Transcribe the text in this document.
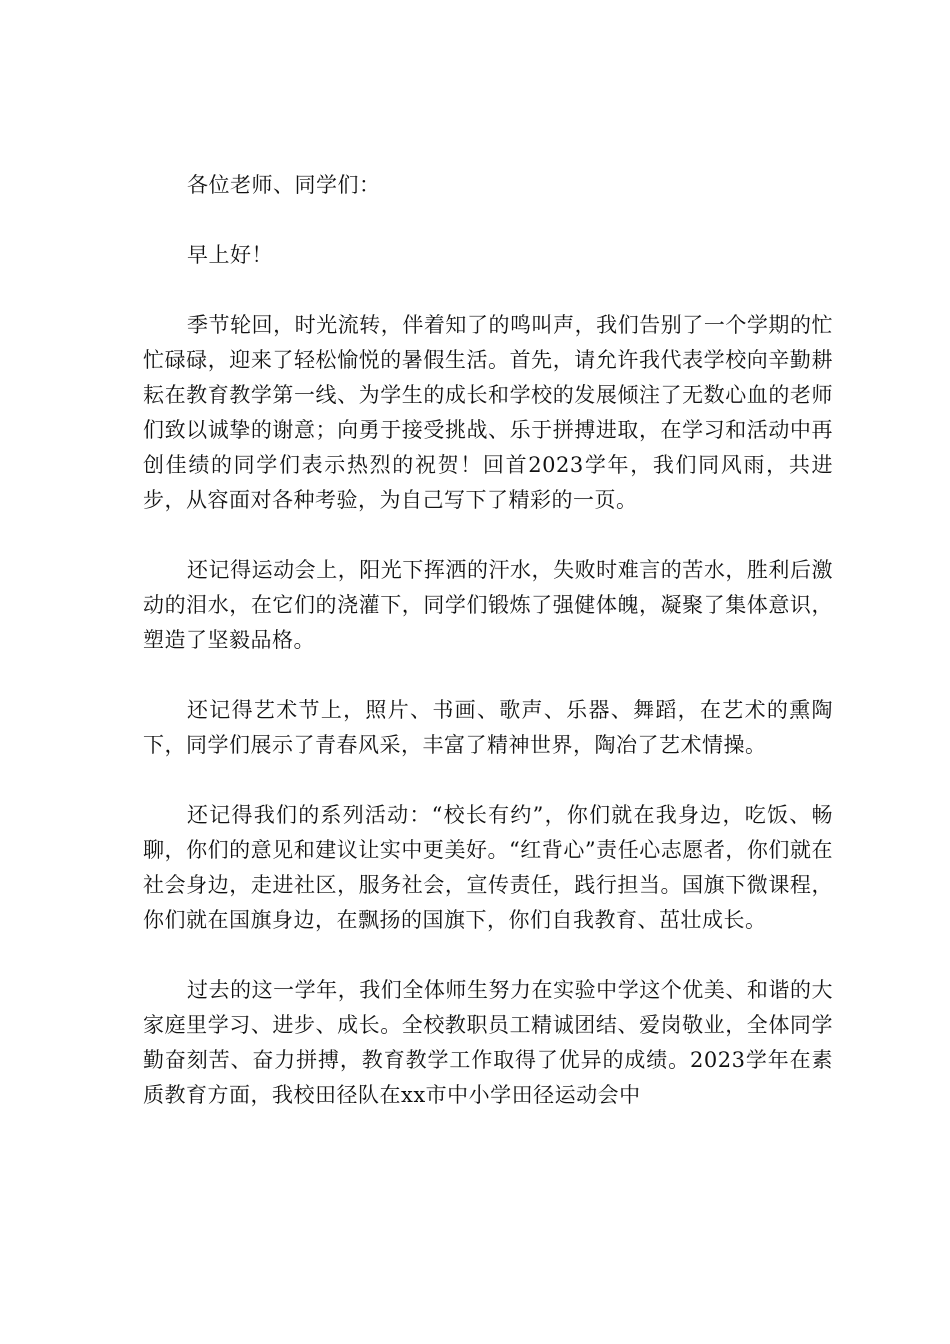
各位老师、同学们：

早上好！

季节轮回，时光流转，伴着知了的鸣叫声，我们告别了一个学期的忙忙碌碌，迎来了轻松愉悦的暑假生活。首先，请允许我代表学校向辛勤耕耘在教育教学第一线、为学生的成长和学校的发展倾注了无数心血的老师们致以诚挚的谢意；向勇于接受挑战、乐于拼搏进取，在学习和活动中再创佳绩的同学们表示热烈的祝贺！回首2023学年，我们同风雨，共进步，从容面对各种考验，为自己写下了精彩的一页。

还记得运动会上，阳光下挥洒的汗水，失败时难言的苦水，胜利后激动的泪水，在它们的浇灌下，同学们锻炼了强健体魄，凝聚了集体意识，塑造了坚毅品格。

还记得艺术节上，照片、书画、歌声、乐器、舞蹈，在艺术的熏陶下，同学们展示了青春风采，丰富了精神世界，陶冶了艺术情操。

还记得我们的系列活动：“校长有约”，你们就在我身边，吃饭、畅聊，你们的意见和建议让实中更美好。“红背心”责任心志愿者，你们就在社会身边，走进社区，服务社会，宣传责任，践行担当。国旗下微课程，你们就在国旗身边，在飘扬的国旗下，你们自我教育、茁壮成长。

过去的这一学年，我们全体师生努力在实验中学这个优美、和谐的大家庭里学习、进步、成长。全校教职员工精诚团结、爱岗敬业，全体同学勤奋刻苦、奋力拼搏，教育教学工作取得了优异的成绩。2023学年在素质教育方面，我校田径队在xx市中小学田径运动会中
